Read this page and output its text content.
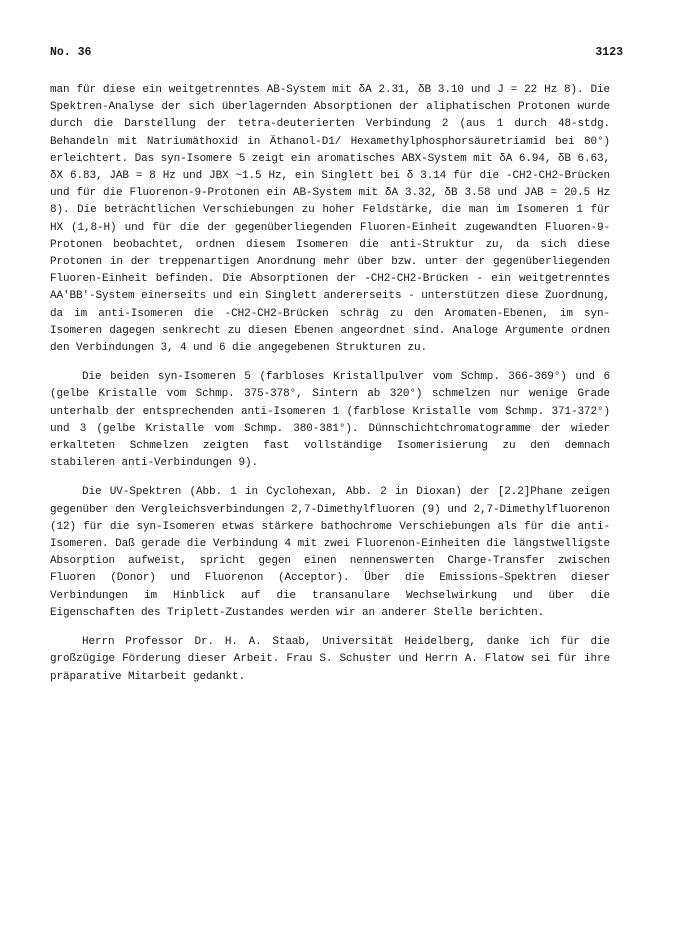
No. 36	3123

man für diese ein weitgetrenntes AB-System mit δA 2.31, δB 3.10 und J = 22 Hz 8). Die Spektren-Analyse der sich überlagernden Absorptionen der aliphatischen Protonen wurde durch die Darstellung der tetra-deuterierten Verbindung 2 (aus 1 durch 48-stdg. Behandeln mit Natriumäthoxid in Äthanol-D1/ Hexamethylphosphorsäuretriamid bei 80°) erleichtert. Das syn-Isomere 5 zeigt ein aromatisches ABX-System mit δA 6.94, δB 6.63, δX 6.83, JAB = 8 Hz und JBX ~1.5 Hz, ein Singlett bei δ 3.14 für die -CH2-CH2-Brücken und für die Fluorenon-9-Protonen ein AB-System mit δA 3.32, δB 3.58 und JAB = 20.5 Hz 8). Die beträchtlichen Verschiebungen zu hoher Feldstärke, die man im Isomeren 1 für HX (1,8-H) und für die der gegenüberliegenden Fluoren-Einheit zugewandten Fluoren-9-Protonen beobachtet, ordnen diesem Isomeren die anti-Struktur zu, da sich diese Protonen in der treppenartigen Anordnung mehr über bzw. unter der gegenüberliegenden Fluoren-Einheit befinden. Die Absorptionen der -CH2-CH2-Brücken - ein weitgetrenntes AA'BB'-System einerseits und ein Singlett andererseits - unterstützen diese Zuordnung, da im anti-Isomeren die -CH2-CH2-Brücken schräg zu den Aromaten-Ebenen, im syn-Isomeren dagegen senkrecht zu diesen Ebenen angeordnet sind. Analoge Argumente ordnen den Verbindungen 3, 4 und 6 die angegebenen Strukturen zu.

Die beiden syn-Isomeren 5 (farbloses Kristallpulver vom Schmp. 366-369°) und 6 (gelbe Kristalle vom Schmp. 375-378°, Sintern ab 320°) schmelzen nur wenige Grade unterhalb der entsprechenden anti-Isomeren 1 (farblose Kristalle vom Schmp. 371-372°) und 3 (gelbe Kristalle vom Schmp. 380-381°). Dünnschichtchromatogramme der wieder erkalteten Schmelzen zeigten fast vollständige Isomerisierung zu den demnach stabileren anti-Verbindungen 9).

Die UV-Spektren (Abb. 1 in Cyclohexan, Abb. 2 in Dioxan) der [2.2]Phane zeigen gegenüber den Vergleichsverbindungen 2,7-Dimethylfluoren (9) und 2,7-Dimethylfluorenon (12) für die syn-Isomeren etwas stärkere bathochrome Verschiebungen als für die anti-Isomeren. Daß gerade die Verbindung 4 mit zwei Fluorenon-Einheiten die längstwelligste Absorption aufweist, spricht gegen einen nennenswerten Charge-Transfer zwischen Fluoren (Donor) und Fluorenon (Acceptor). Über die Emissions-Spektren dieser Verbindungen im Hinblick auf die transanulare Wechselwirkung und über die Eigenschaften des Triplett-Zustandes werden wir an anderer Stelle berichten.

Herrn Professor Dr. H. A. Staab, Universität Heidelberg, danke ich für die großzügige Förderung dieser Arbeit. Frau S. Schuster und Herrn A. Flatow sei für ihre präparative Mitarbeit gedankt.
